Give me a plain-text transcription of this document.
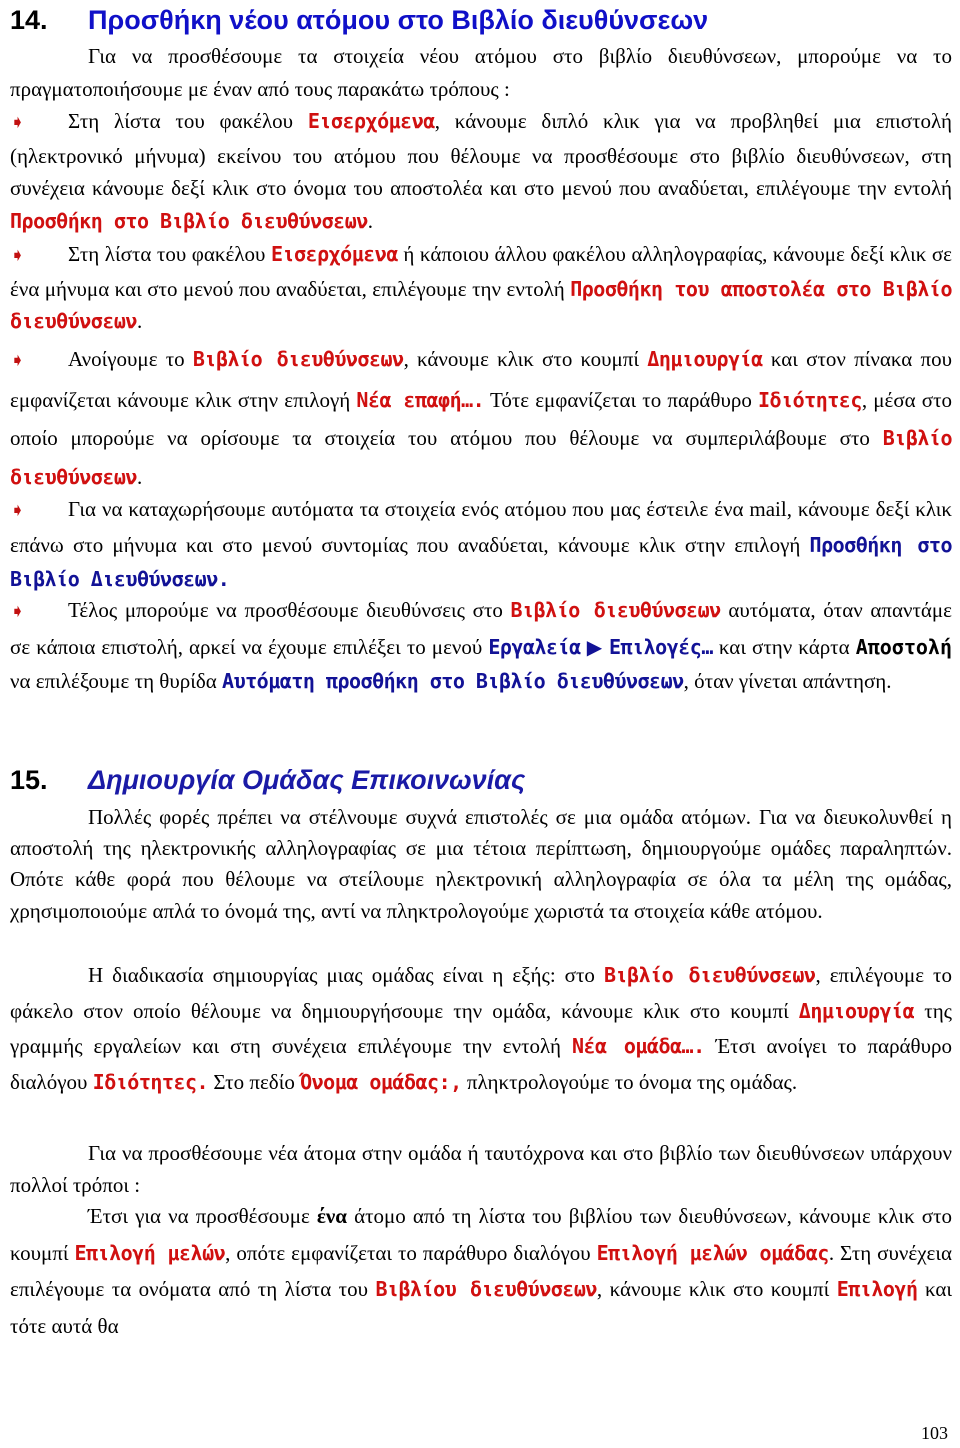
14.	Προσθήκη νέου ατόμου στο Βιβλίο διευθύνσεων

Για να προσθέσουμε τα στοιχεία νέου ατόμου στο βιβλίο διευθύνσεων, μπορούμε να το πραγματοποιήσουμε με έναν από τους παρακάτω τρόπους :

➧ Στη λίστα του φακέλου Εισερχόμενα, κάνουμε διπλό κλικ για να προβληθεί μια επιστολή (ηλεκτρονικό μήνυμα) εκείνου του ατόμου που θέλουμε να προσθέσουμε στο βιβλίο διευθύνσεων, στη συνέχεια κάνουμε δεξί κλικ στο όνομα του αποστολέα και στο μενού που αναδύεται, επιλέγουμε την εντολή Προσθήκη στο Βιβλίο διευθύνσεων.

➧ Στη λίστα του φακέλου Εισερχόμενα ή κάποιου άλλου φακέλου αλληλογραφίας, κάνουμε δεξί κλικ σε ένα μήνυμα και στο μενού που αναδύεται, επιλέγουμε την εντολή Προσθήκη του αποστολέα στο Βιβλίο διευθύνσεων.

➧ Ανοίγουμε το Βιβλίο διευθύνσεων, κάνουμε κλικ στο κουμπί Δημιουργία και στον πίνακα που εμφανίζεται κάνουμε κλικ στην επιλογή Νέα επαφή…. Τότε εμφανίζεται το παράθυρο Ιδιότητες, μέσα στο οποίο μπορούμε να ορίσουμε τα στοιχεία του ατόμου που θέλουμε να συμπεριλάβουμε στο Βιβλίο διευθύνσεων.

➧ Για να καταχωρήσουμε αυτόματα τα στοιχεία ενός ατόμου που μας έστειλε ένα mail, κάνουμε δεξί κλικ επάνω στο μήνυμα και στο μενού συντομίας που αναδύεται, κάνουμε κλικ στην επιλογή Προσθήκη στο Βιβλίο Διευθύνσεων.

➧ Τέλος μπορούμε να προσθέσουμε διευθύνσεις στο Βιβλίο διευθύνσεων αυτόματα, όταν απαντάμε σε κάποια επιστολή, αρκεί να έχουμε επιλέξει το μενού Εργαλεία ▶ Επιλογές… και στην κάρτα Αποστολή να επιλέξουμε τη θυρίδα Αυτόματη προσθήκη στο Βιβλίο διευθύνσεων, όταν γίνεται απάντηση.

15.	Δημιουργία Ομάδας Επικοινωνίας

Πολλές φορές πρέπει να στέλνουμε συχνά επιστολές σε μια ομάδα ατόμων. Για να διευκολυνθεί η αποστολή της ηλεκτρονικής αλληλογραφίας σε μια τέτοια περίπτωση, δημιουργούμε ομάδες παραληπτών. Οπότε κάθε φορά που θέλουμε να στείλουμε ηλεκτρονική αλληλογραφία σε όλα τα μέλη της ομάδας, χρησιμοποιούμε απλά το όνομά της, αντί να πληκτρολογούμε χωριστά τα στοιχεία κάθε ατόμου.

Η διαδικασία σημιουργίας μιας ομάδας είναι η εξής: στο Βιβλίο διευθύνσεων, επιλέγουμε το φάκελο στον οποίο θέλουμε να δημιουργήσουμε την ομάδα, κάνουμε κλικ στο κουμπί Δημιουργία της γραμμής εργαλείων και στη συνέχεια επιλέγουμε την εντολή Νέα ομάδα…. Έτσι ανοίγει το παράθυρο διαλόγου Ιδιότητες. Στο πεδίο Όνομα ομάδας:, πληκτρολογούμε το όνομα της ομάδας.

Για να προσθέσουμε νέα άτομα στην ομάδα ή ταυτόχρονα και στο βιβλίο των διευθύνσεων υπάρχουν πολλοί τρόποι :

Έτσι για να προσθέσουμε ένα άτομο από τη λίστα του βιβλίου των διευθύνσεων, κάνουμε κλικ στο κουμπί Επιλογή μελών, οπότε εμφανίζεται το παράθυρο διαλόγου Επιλογή μελών ομάδας. Στη συνέχεια επιλέγουμε τα ονόματα από τη λίστα του Βιβλίου διευθύνσεων, κάνουμε κλικ στο κουμπί Επιλογή και τότε αυτά θα

103
